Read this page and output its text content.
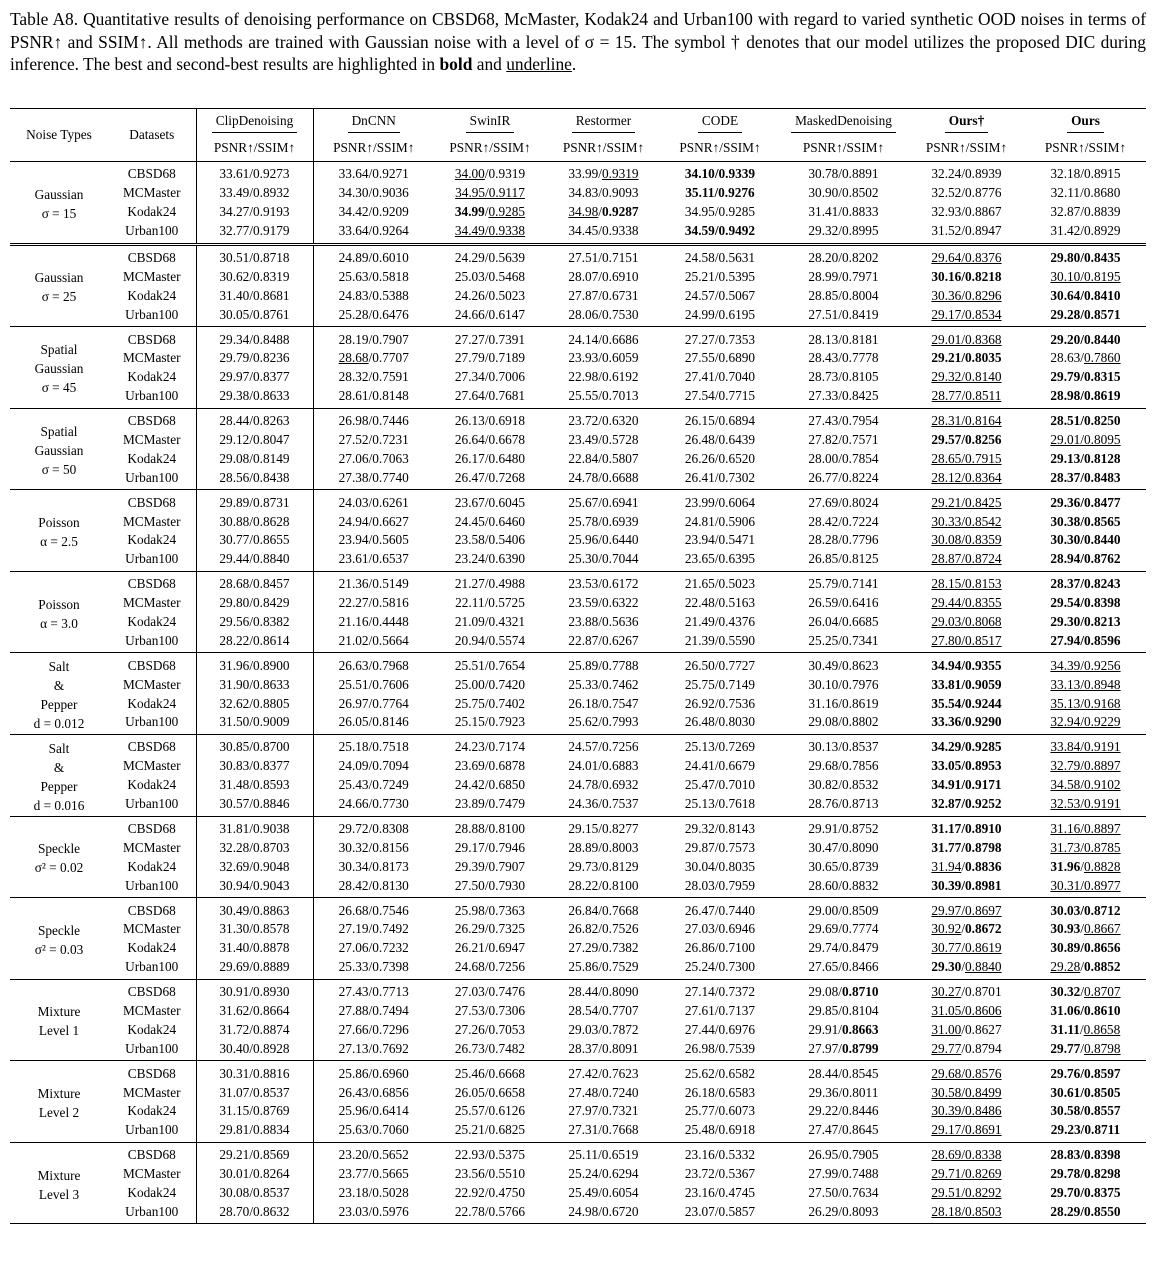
Table A8. Quantitative results of denoising performance on CBSD68, McMaster, Kodak24 and Urban100 with regard to varied synthetic OOD noises in terms of PSNR↑ and SSIM↑. All methods are trained with Gaussian noise with a level of σ = 15. The symbol † denotes that our model utilizes the proposed DIC during inference. The best and second-best results are highlighted in bold and underline.

Noise Types	Datasets	ClipDenoising	DnCNN	SwinIR	Restormer	CODE	MaskedDenoising	Ours†	Ours
		PSNR↑/SSIM↑	PSNR↑/SSIM↑	PSNR↑/SSIM↑	PSNR↑/SSIM↑	PSNR↑/SSIM↑	PSNR↑/SSIM↑	PSNR↑/SSIM↑	PSNR↑/SSIM↑

Gaussian
σ = 15	CBSD68	33.61/0.9273	33.64/0.9271	34.00/0.9319	33.99/0.9319	34.10/0.9339	30.78/0.8891	32.24/0.8939	32.18/0.8915
	MCMaster	33.49/0.8932	34.30/0.9036	34.95/0.9117	34.83/0.9093	35.11/0.9276	30.90/0.8502	32.52/0.8776	32.11/0.8680
	Kodak24	34.27/0.9193	34.42/0.9209	34.99/0.9285	34.98/0.9287	34.95/0.9285	31.41/0.8833	32.93/0.8867	32.87/0.8839
	Urban100	32.77/0.9179	33.64/0.9264	34.49/0.9338	34.45/0.9338	34.59/0.9492	29.32/0.8995	31.52/0.8947	31.42/0.8929

Gaussian
σ = 25	CBSD68	30.51/0.8718	24.89/0.6010	24.29/0.5639	27.51/0.7151	24.58/0.5631	28.20/0.8202	29.64/0.8376	29.80/0.8435
	MCMaster	30.62/0.8319	25.63/0.5818	25.03/0.5468	28.07/0.6910	25.21/0.5395	28.99/0.7971	30.16/0.8218	30.10/0.8195
	Kodak24	31.40/0.8681	24.83/0.5388	24.26/0.5023	27.87/0.6731	24.57/0.5067	28.85/0.8004	30.36/0.8296	30.64/0.8410
	Urban100	30.05/0.8761	25.28/0.6476	24.66/0.6147	28.06/0.7530	24.99/0.6195	27.51/0.8419	29.17/0.8534	29.28/0.8571

Spatial
Gaussian
σ = 45	CBSD68	29.34/0.8488	28.19/0.7907	27.27/0.7391	24.14/0.6686	27.27/0.7353	28.13/0.8181	29.01/0.8368	29.20/0.8440
	MCMaster	29.79/0.8236	28.68/0.7707	27.79/0.7189	23.93/0.6059	27.55/0.6890	28.43/0.7778	29.21/0.8035	28.63/0.7860
	Kodak24	29.97/0.8377	28.32/0.7591	27.34/0.7006	22.98/0.6192	27.41/0.7040	28.73/0.8105	29.32/0.8140	29.79/0.8315
	Urban100	29.38/0.8633	28.61/0.8148	27.64/0.7681	25.55/0.7013	27.54/0.7715	27.33/0.8425	28.77/0.8511	28.98/0.8619

Spatial
Gaussian
σ = 50	CBSD68	28.44/0.8263	26.98/0.7446	26.13/0.6918	23.72/0.6320	26.15/0.6894	27.43/0.7954	28.31/0.8164	28.51/0.8250
	MCMaster	29.12/0.8047	27.52/0.7231	26.64/0.6678	23.49/0.5728	26.48/0.6439	27.82/0.7571	29.57/0.8256	29.01/0.8095
	Kodak24	29.08/0.8149	27.06/0.7063	26.17/0.6480	22.84/0.5807	26.26/0.6520	28.00/0.7854	28.65/0.7915	29.13/0.8128
	Urban100	28.56/0.8438	27.38/0.7740	26.47/0.7268	24.78/0.6688	26.41/0.7302	26.77/0.8224	28.12/0.8364	28.37/0.8483

Poisson
α = 2.5	CBSD68	29.89/0.8731	24.03/0.6261	23.67/0.6045	25.67/0.6941	23.99/0.6064	27.69/0.8024	29.21/0.8425	29.36/0.8477
	MCMaster	30.88/0.8628	24.94/0.6627	24.45/0.6460	25.78/0.6939	24.81/0.5906	28.42/0.7224	30.33/0.8542	30.38/0.8565
	Kodak24	30.77/0.8655	23.94/0.5605	23.58/0.5406	25.96/0.6440	23.94/0.5471	28.28/0.7796	30.08/0.8359	30.30/0.8440
	Urban100	29.44/0.8840	23.61/0.6537	23.24/0.6390	25.30/0.7044	23.65/0.6395	26.85/0.8125	28.87/0.8724	28.94/0.8762

Poisson
α = 3.0	CBSD68	28.68/0.8457	21.36/0.5149	21.27/0.4988	23.53/0.6172	21.65/0.5023	25.79/0.7141	28.15/0.8153	28.37/0.8243
	MCMaster	29.80/0.8429	22.27/0.5816	22.11/0.5725	23.59/0.6322	22.48/0.5163	26.59/0.6416	29.44/0.8355	29.54/0.8398
	Kodak24	29.56/0.8382	21.16/0.4448	21.09/0.4321	23.88/0.5636	21.49/0.4376	26.04/0.6685	29.03/0.8068	29.30/0.8213
	Urban100	28.22/0.8614	21.02/0.5664	20.94/0.5574	22.87/0.6267	21.39/0.5590	25.25/0.7341	27.80/0.8517	27.94/0.8596

Salt
&
Pepper
d = 0.012	CBSD68	31.96/0.8900	26.63/0.7968	25.51/0.7654	25.89/0.7788	26.50/0.7727	30.49/0.8623	34.94/0.9355	34.39/0.9256
	MCMaster	31.90/0.8633	25.51/0.7606	25.00/0.7420	25.33/0.7462	25.75/0.7149	30.10/0.7976	33.81/0.9059	33.13/0.8948
	Kodak24	32.62/0.8805	26.97/0.7764	25.75/0.7402	26.18/0.7547	26.92/0.7536	31.16/0.8619	35.54/0.9244	35.13/0.9168
	Urban100	31.50/0.9009	26.05/0.8146	25.15/0.7923	25.62/0.7993	26.48/0.8030	29.08/0.8802	33.36/0.9290	32.94/0.9229

Salt
&
Pepper
d = 0.016	CBSD68	30.85/0.8700	25.18/0.7518	24.23/0.7174	24.57/0.7256	25.13/0.7269	30.13/0.8537	34.29/0.9285	33.84/0.9191
	MCMaster	30.83/0.8377	24.09/0.7094	23.69/0.6878	24.01/0.6883	24.41/0.6679	29.68/0.7856	33.05/0.8953	32.79/0.8897
	Kodak24	31.48/0.8593	25.43/0.7249	24.42/0.6850	24.78/0.6932	25.47/0.7010	30.82/0.8532	34.91/0.9171	34.58/0.9102
	Urban100	30.57/0.8846	24.66/0.7730	23.89/0.7479	24.36/0.7537	25.13/0.7618	28.76/0.8713	32.87/0.9252	32.53/0.9191

Speckle
σ² = 0.02	CBSD68	31.81/0.9038	29.72/0.8308	28.88/0.8100	29.15/0.8277	29.32/0.8143	29.91/0.8752	31.17/0.8910	31.16/0.8897
	MCMaster	32.28/0.8703	30.32/0.8156	29.17/0.7946	28.89/0.8003	29.87/0.7573	30.47/0.8090	31.77/0.8798	31.73/0.8785
	Kodak24	32.69/0.9048	30.34/0.8173	29.39/0.7907	29.73/0.8129	30.04/0.8035	30.65/0.8739	31.94/0.8836	31.96/0.8828
	Urban100	30.94/0.9043	28.42/0.8130	27.50/0.7930	28.22/0.8100	28.03/0.7959	28.60/0.8832	30.39/0.8981	30.31/0.8977

Speckle
σ² = 0.03	CBSD68	30.49/0.8863	26.68/0.7546	25.98/0.7363	26.84/0.7668	26.47/0.7440	29.00/0.8509	29.97/0.8697	30.03/0.8712
	MCMaster	31.30/0.8578	27.19/0.7492	26.29/0.7325	26.82/0.7526	27.03/0.6946	29.69/0.7774	30.92/0.8672	30.93/0.8667
	Kodak24	31.40/0.8878	27.06/0.7232	26.21/0.6947	27.29/0.7382	26.86/0.7100	29.74/0.8479	30.77/0.8619	30.89/0.8656
	Urban100	29.69/0.8889	25.33/0.7398	24.68/0.7256	25.86/0.7529	25.24/0.7300	27.65/0.8466	29.30/0.8840	29.28/0.8852

Mixture
Level 1	CBSD68	30.91/0.8930	27.43/0.7713	27.03/0.7476	28.44/0.8090	27.14/0.7372	29.08/0.8710	30.27/0.8701	30.32/0.8707
	MCMaster	31.62/0.8664	27.88/0.7494	27.53/0.7306	28.54/0.7707	27.61/0.7137	29.85/0.8104	31.05/0.8606	31.06/0.8610
	Kodak24	31.72/0.8874	27.66/0.7296	27.26/0.7053	29.03/0.7872	27.44/0.6976	29.91/0.8663	31.00/0.8627	31.11/0.8658
	Urban100	30.40/0.8928	27.13/0.7692	26.73/0.7482	28.37/0.8091	26.98/0.7539	27.97/0.8799	29.77/0.8794	29.77/0.8798

Mixture
Level 2	CBSD68	30.31/0.8816	25.86/0.6960	25.46/0.6668	27.42/0.7623	25.62/0.6582	28.44/0.8545	29.68/0.8576	29.76/0.8597
	MCMaster	31.07/0.8537	26.43/0.6856	26.05/0.6658	27.48/0.7240	26.18/0.6583	29.36/0.8011	30.58/0.8499	30.61/0.8505
	Kodak24	31.15/0.8769	25.96/0.6414	25.57/0.6126	27.97/0.7321	25.77/0.6073	29.22/0.8446	30.39/0.8486	30.58/0.8557
	Urban100	29.81/0.8834	25.63/0.7060	25.21/0.6825	27.31/0.7668	25.48/0.6918	27.47/0.8645	29.17/0.8691	29.23/0.8711

Mixture
Level 3	CBSD68	29.21/0.8569	23.20/0.5652	22.93/0.5375	25.11/0.6519	23.16/0.5332	26.95/0.7905	28.69/0.8338	28.83/0.8398
	MCMaster	30.01/0.8264	23.77/0.5665	23.56/0.5510	25.24/0.6294	23.72/0.5367	27.99/0.7488	29.71/0.8269	29.78/0.8298
	Kodak24	30.08/0.8537	23.18/0.5028	22.92/0.4750	25.49/0.6054	23.16/0.4745	27.50/0.7634	29.51/0.8292	29.70/0.8375
	Urban100	28.70/0.8632	23.03/0.5976	22.78/0.5766	24.98/0.6720	23.07/0.5857	26.29/0.8093	28.18/0.8503	28.29/0.8550
